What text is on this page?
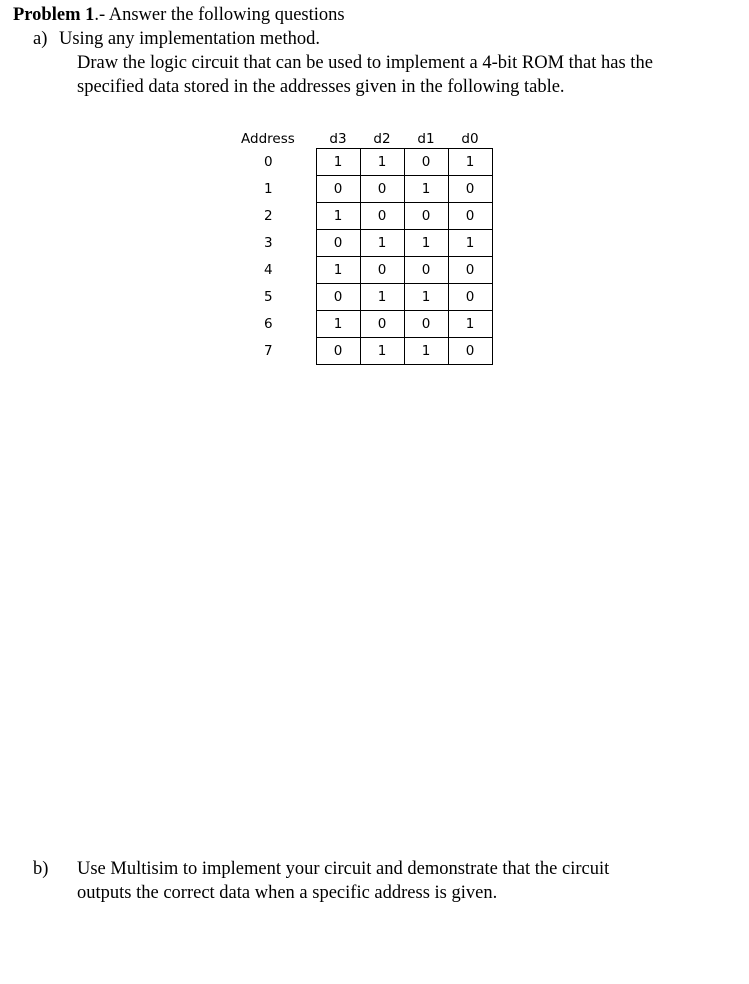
Problem 1.- Answer the following questions
a) Using any implementation method.
Draw the logic circuit that can be used to implement a 4-bit ROM that has the
specified data stored in the addresses given in the following table.
Address	d3	d2	d1	d0
0	1	1	0	1
1	0	0	1	0
2	1	0	0	0
3	0	1	1	1
4	1	0	0	0
5	0	1	1	0
6	1	0	0	1
7	0	1	1	0
b) Use Multisim to implement your circuit and demonstrate that the circuit
outputs the correct data when a specific address is given.
